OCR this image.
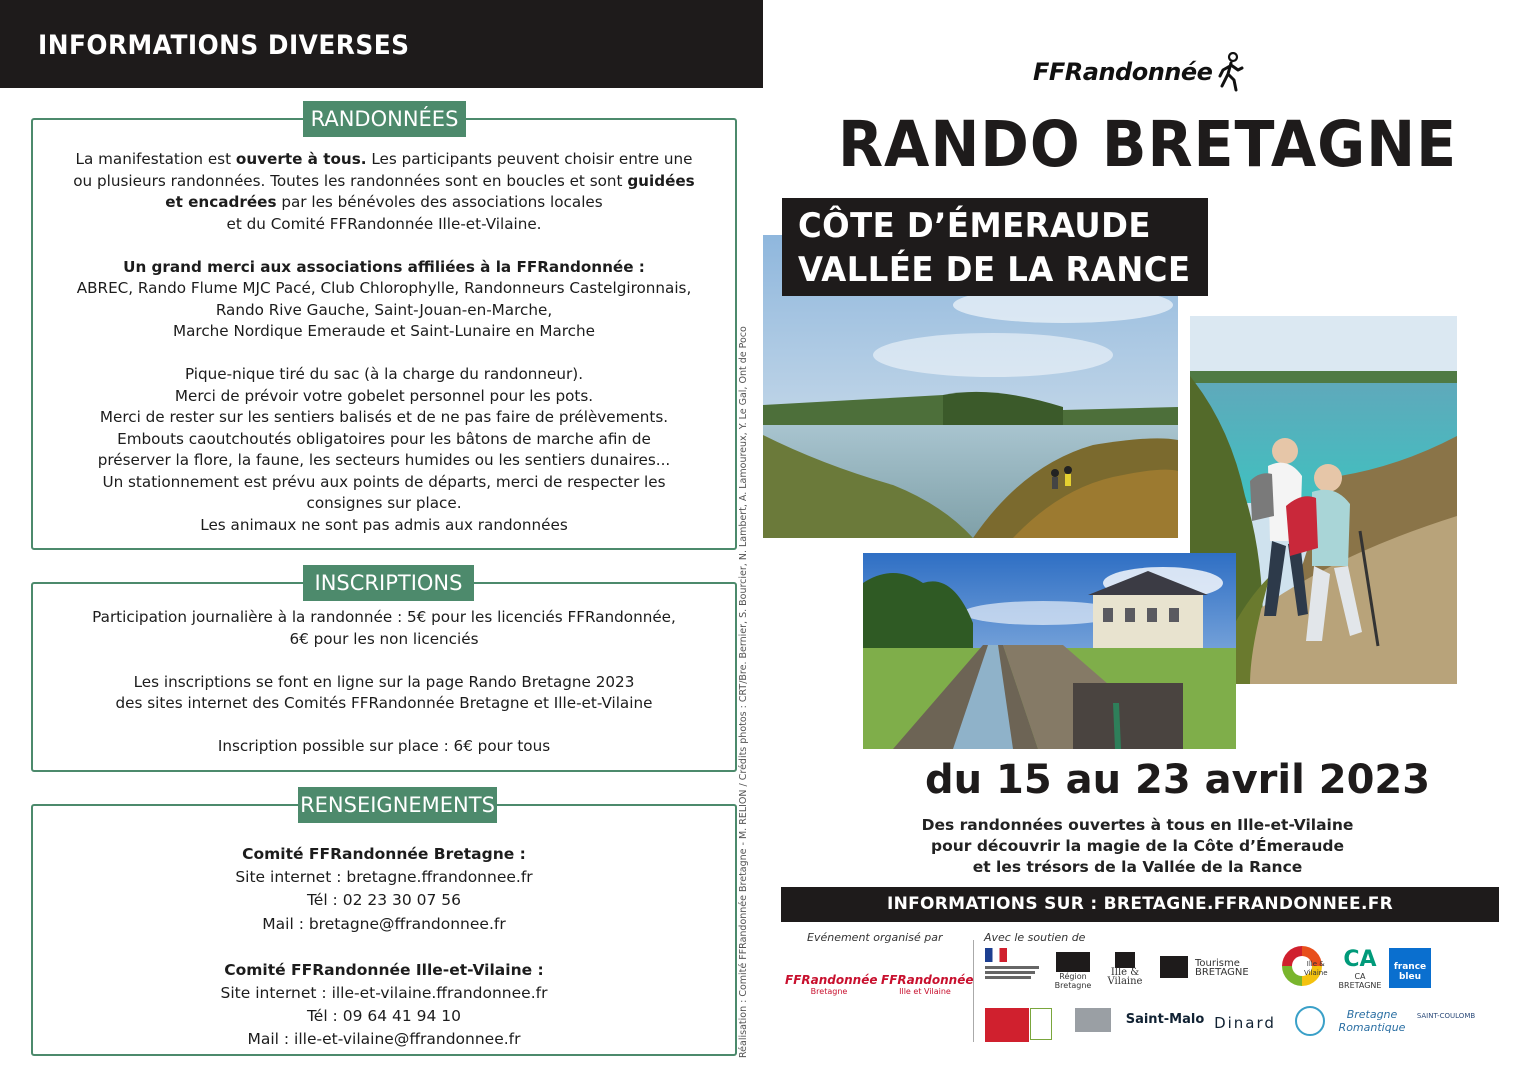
INFORMATIONS DIVERSES
RANDONNÉES

La manifestation est ouverte à tous. Les participants peuvent choisir entre une

ou plusieurs randonnées. Toutes les randonnées sont en boucles et sont guidées

et encadrées par les bénévoles des associations locales

et du Comité FFRandonnée Ille-et-Vilaine.

Un grand merci aux associations affiliées à la FFRandonnée :

ABREC, Rando Flume MJC Pacé, Club Chlorophylle, Randonneurs Castelgironnais,

Rando Rive Gauche, Saint-Jouan-en-Marche,

Marche Nordique Emeraude et Saint-Lunaire en Marche

Pique-nique tiré du sac (à la charge du randonneur).

Merci de prévoir votre gobelet personnel pour les pots.

Merci de rester sur les sentiers balisés et de ne pas faire de prélèvements.

Embouts caoutchoutés obligatoires pour les bâtons de marche afin de

préserver la flore, la faune, les secteurs humides ou les sentiers dunaires...

Un stationnement est prévu aux points de départs, merci de respecter les

consignes sur place.

Les animaux ne sont pas admis aux randonnées

INSCRIPTIONS

Participation journalière à la randonnée : 5€ pour les licenciés FFRandonnée,

6€ pour les non licenciés

Les inscriptions se font en ligne sur la page Rando Bretagne 2023

des sites internet des Comités FFRandonnée Bretagne et Ille-et-Vilaine

Inscription possible sur place : 6€ pour tous

RENSEIGNEMENTS

Comité FFRandonnée Bretagne :

Site internet : bretagne.ffrandonnee.fr

Tél : 02 23 30 07 56

Mail : bretagne@ffrandonnee.fr

Comité FFRandonnée Ille-et-Vilaine :

Site internet : ille-et-vilaine.ffrandonnee.fr

Tél : 09 64 41 94 10

Mail : ille-et-vilaine@ffrandonnee.fr	Réalisation : Comité FFRandonnée Bretagne - M. RELION / Crédits photos : CRT/Bre. Bernier, S. Bourcier, N. Lambert, A. Lamoureux, Y. Le Gal, Ont de Poco
FFRandonnée
RANDO BRETAGNE
CÔTE D’ÉMERAUDE
VALLÉE DE LA RANCE
du 15 au 23 avril 2023

Des randonnées ouvertes à tous en Ille-et-Vilaine

pour découvrir la magie de la Côte d’Émeraude

et les trésors de la Vallée de la Rance

INFORMATIONS SUR : BRETAGNE.FFRANDONNEE.FR
Evénement organisé par	Avec le soutien de
FFRandonnée
Bretagne
FFRandonnée
Ille et Vilaine
Région Bretagne
Ille & Vilaine
Tourisme BRETAGNE
Ille & Vilaine
CA
CA BRETAGNE
france bleu
Saint-Malo Dinard	Bretagne Romantique
SAINT-COULOMB
